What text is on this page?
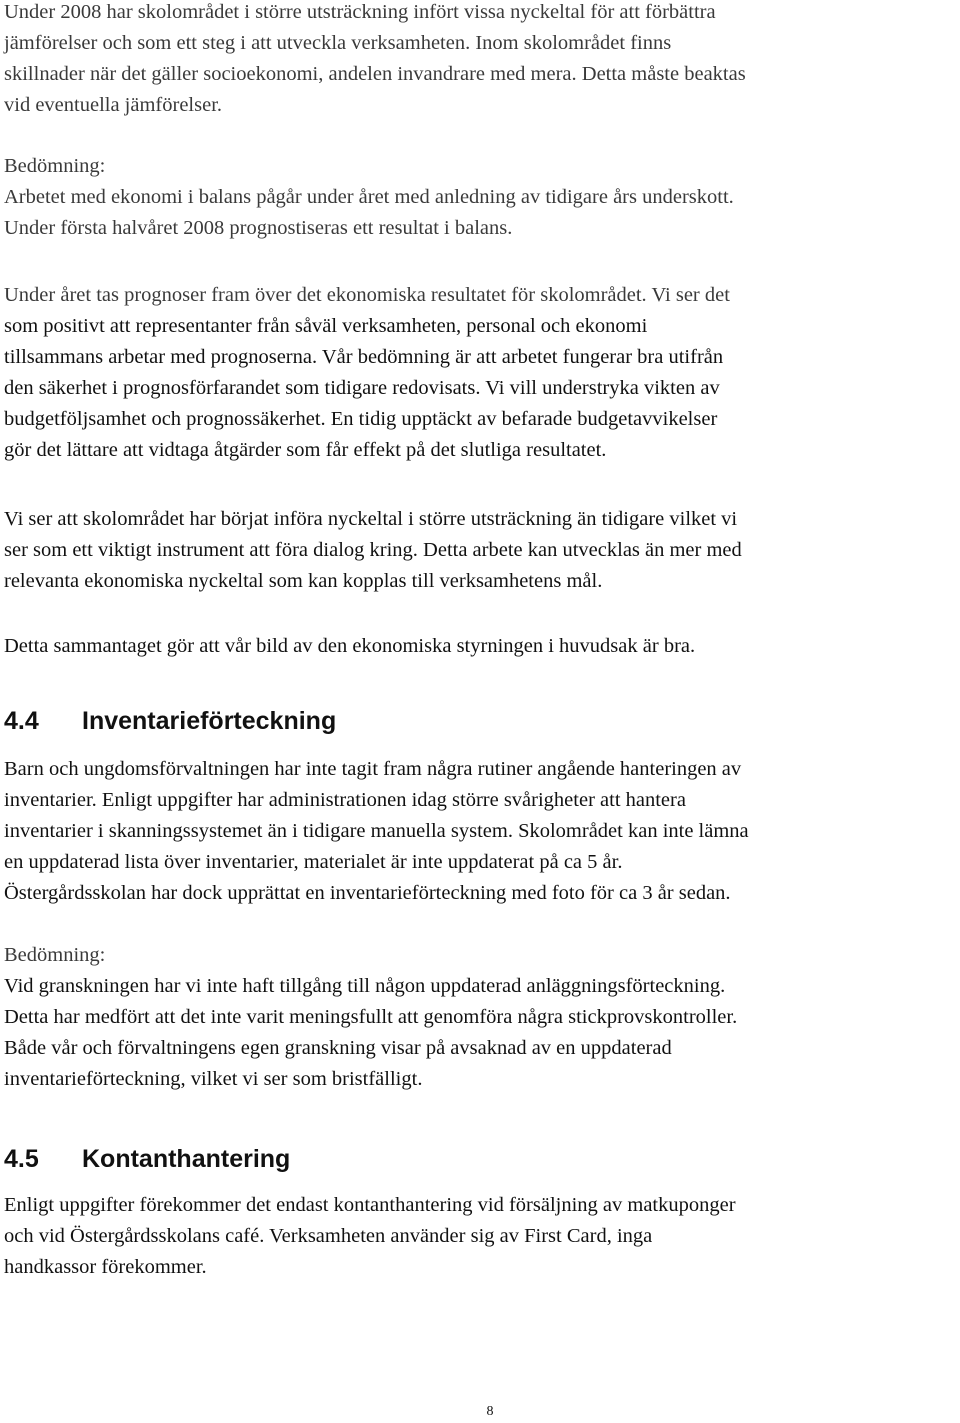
Under 2008 har skolområdet i större utsträckning infört vissa nyckeltal för att förbättra
jämförelser och som ett steg i att utveckla verksamheten. Inom skolområdet finns
skillnader när det gäller socioekonomi, andelen invandrare med mera. Detta måste beaktas
vid eventuella jämförelser.
Bedömning:
Arbetet med ekonomi i balans pågår under året med anledning av tidigare års underskott.
Under första halvåret 2008 prognostiseras ett resultat i balans.
Under året tas prognoser fram över det ekonomiska resultatet för skolområdet. Vi ser det
som positivt att representanter från såväl verksamheten, personal och ekonomi
tillsammans arbetar med prognoserna. Vår bedömning är att arbetet fungerar bra utifrån
den säkerhet i prognosförfarandet som tidigare redovisats. Vi vill understryka vikten av
budgetföljsamhet och prognossäkerhet. En tidig upptäckt av befarade budgetavvikelser
gör det lättare att vidtaga åtgärder som får effekt på det slutliga resultatet.
Vi ser att skolområdet har börjat införa nyckeltal i större utsträckning än tidigare vilket vi
ser som ett viktigt instrument att föra dialog kring. Detta arbete kan utvecklas än mer med
relevanta ekonomiska nyckeltal som kan kopplas till verksamhetens mål.
Detta sammantaget gör att vår bild av den ekonomiska styrningen i huvudsak är bra.
4.4 Inventarieförteckning
Barn och ungdomsförvaltningen har inte tagit fram några rutiner angående hanteringen av
inventarier. Enligt uppgifter har administrationen idag större svårigheter att hantera
inventarier i skanningssystemet än i tidigare manuella system. Skolområdet kan inte lämna
en uppdaterad lista över inventarier, materialet är inte uppdaterat på ca 5 år.
Östergårdsskolan har dock upprättat en inventarieförteckning med foto för ca 3 år sedan.
Bedömning:
Vid granskningen har vi inte haft tillgång till någon uppdaterad anläggningsförteckning.
Detta har medfört att det inte varit meningsfullt att genomföra några stickprovskontroller.
Både vår och förvaltningens egen granskning visar på avsaknad av en uppdaterad
inventarieförteckning, vilket vi ser som bristfälligt.
4.5 Kontanthantering
Enligt uppgifter förekommer det endast kontanthantering vid försäljning av matkuponger
och vid Östergårdsskolans café. Verksamheten använder sig av First Card, inga
handkassor förekommer.
8
